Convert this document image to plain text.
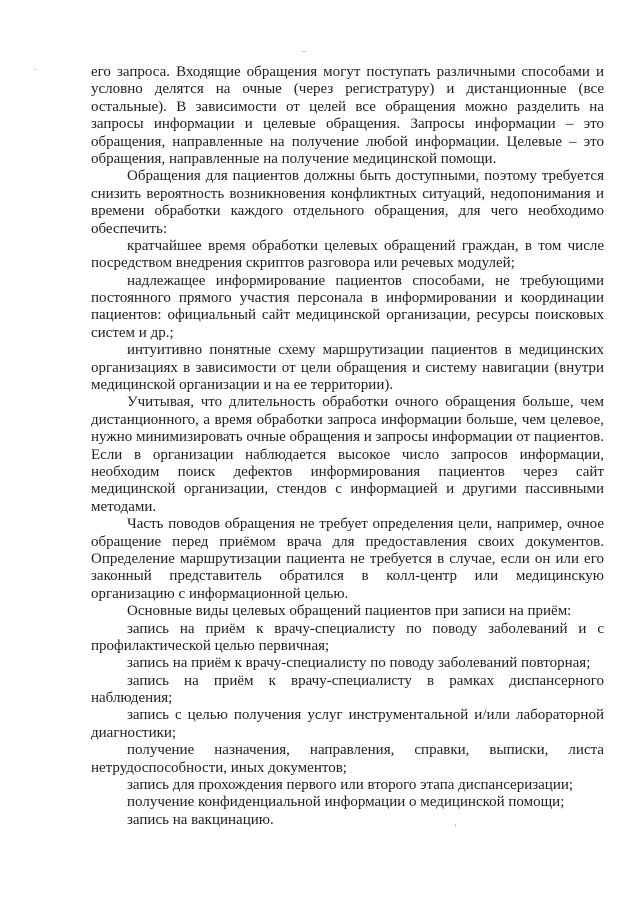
его запроса. Входящие обращения могут поступать различными способами и
условно делятся на очные (через регистратуру) и дистанционные (все
остальные). В зависимости от целей все обращения можно разделить на
запросы информации и целевые обращения. Запросы информации – это
обращения, направленные на получение любой информации. Целевые – это
обращения, направленные на получение медицинской помощи.
Обращения для пациентов должны быть доступными, поэтому требуется
снизить вероятность возникновения конфликтных ситуаций, недопонимания и
времени обработки каждого отдельного обращения, для чего необходимо
обеспечить:
кратчайшее время обработки целевых обращений граждан, в том числе
посредством внедрения скриптов разговора или речевых модулей;
надлежащее информирование пациентов способами, не требующими
постоянного прямого участия персонала в информировании и координации
пациентов: официальный сайт медицинской организации, ресурсы поисковых
систем и др.;
интуитивно понятные схему маршрутизации пациентов в медицинских
организациях в зависимости от цели обращения и систему навигации (внутри
медицинской организации и на ее территории).
Учитывая, что длительность обработки очного обращения больше, чем
дистанционного, а время обработки запроса информации больше, чем целевое,
нужно минимизировать очные обращения и запросы информации от пациентов.
Если в организации наблюдается высокое число запросов информации,
необходим поиск дефектов информирования пациентов через сайт
медицинской организации, стендов с информацией и другими пассивными
методами.
Часть поводов обращения не требует определения цели, например, очное
обращение перед приёмом врача для предоставления своих документов.
Определение маршрутизации пациента не требуется в случае, если он или его
законный представитель обратился в колл-центр или медицинскую
организацию с информационной целью.
Основные виды целевых обращений пациентов при записи на приём:
запись на приём к врачу-специалисту по поводу заболеваний и с
профилактической целью первичная;
запись на приём к врачу-специалисту по поводу заболеваний повторная;
запись на приём к врачу-специалисту в рамках диспансерного
наблюдения;
запись с целью получения услуг инструментальной и/или лабораторной
диагностики;
получение назначения, направления, справки, выписки, листа
нетрудоспособности, иных документов;
запись для прохождения первого или второго этапа диспансеризации;
получение конфиденциальной информации о медицинской помощи;
запись на вакцинацию.
